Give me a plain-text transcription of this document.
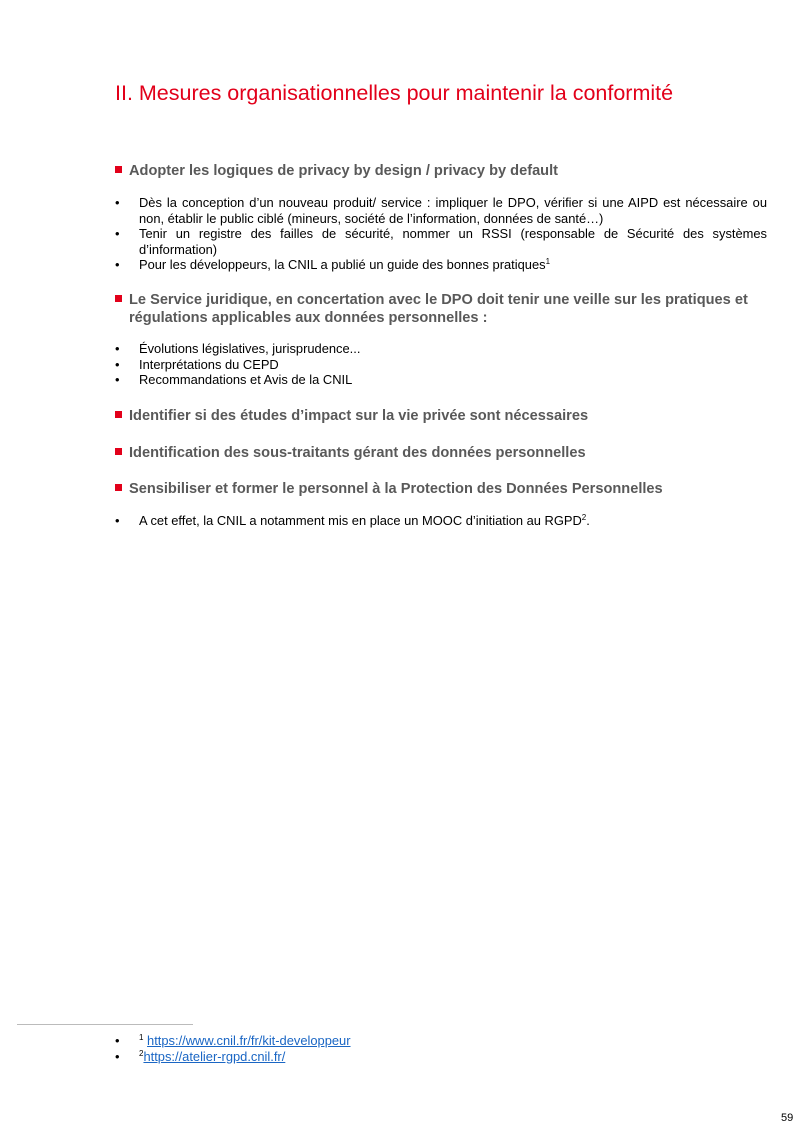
II. Mesures organisationnelles pour maintenir la conformité
Adopter les logiques de privacy by design / privacy by default
• Dès la conception d’un nouveau produit/ service : impliquer le DPO, vérifier si une AIPD est nécessaire ou non, établir le public ciblé (mineurs, société de l’information, données de santé…)
• Tenir un registre des failles de sécurité, nommer un RSSI (responsable de Sécurité des systèmes d’information)
• Pour les développeurs, la CNIL a publié un guide des bonnes pratiques$^1$
Le Service juridique, en concertation avec le DPO doit tenir une veille sur les pratiques et régulations applicables aux données personnelles :
• Évolutions législatives, jurisprudence...
• Interprétations du CEPD
• Recommandations et Avis de la CNIL
Identifier si des études d’impact sur la vie privée sont nécessaires
Identification des sous-traitants gérant des données personnelles
Sensibiliser et former le personnel à la Protection des Données Personnelles
• A cet effet, la CNIL a notamment mis en place un MOOC d’initiation au RGPD$^2$.
• $^1$ https://www.cnil.fr/fr/kit-developpeur
• $^2$https://atelier-rgpd.cnil.fr/
59
